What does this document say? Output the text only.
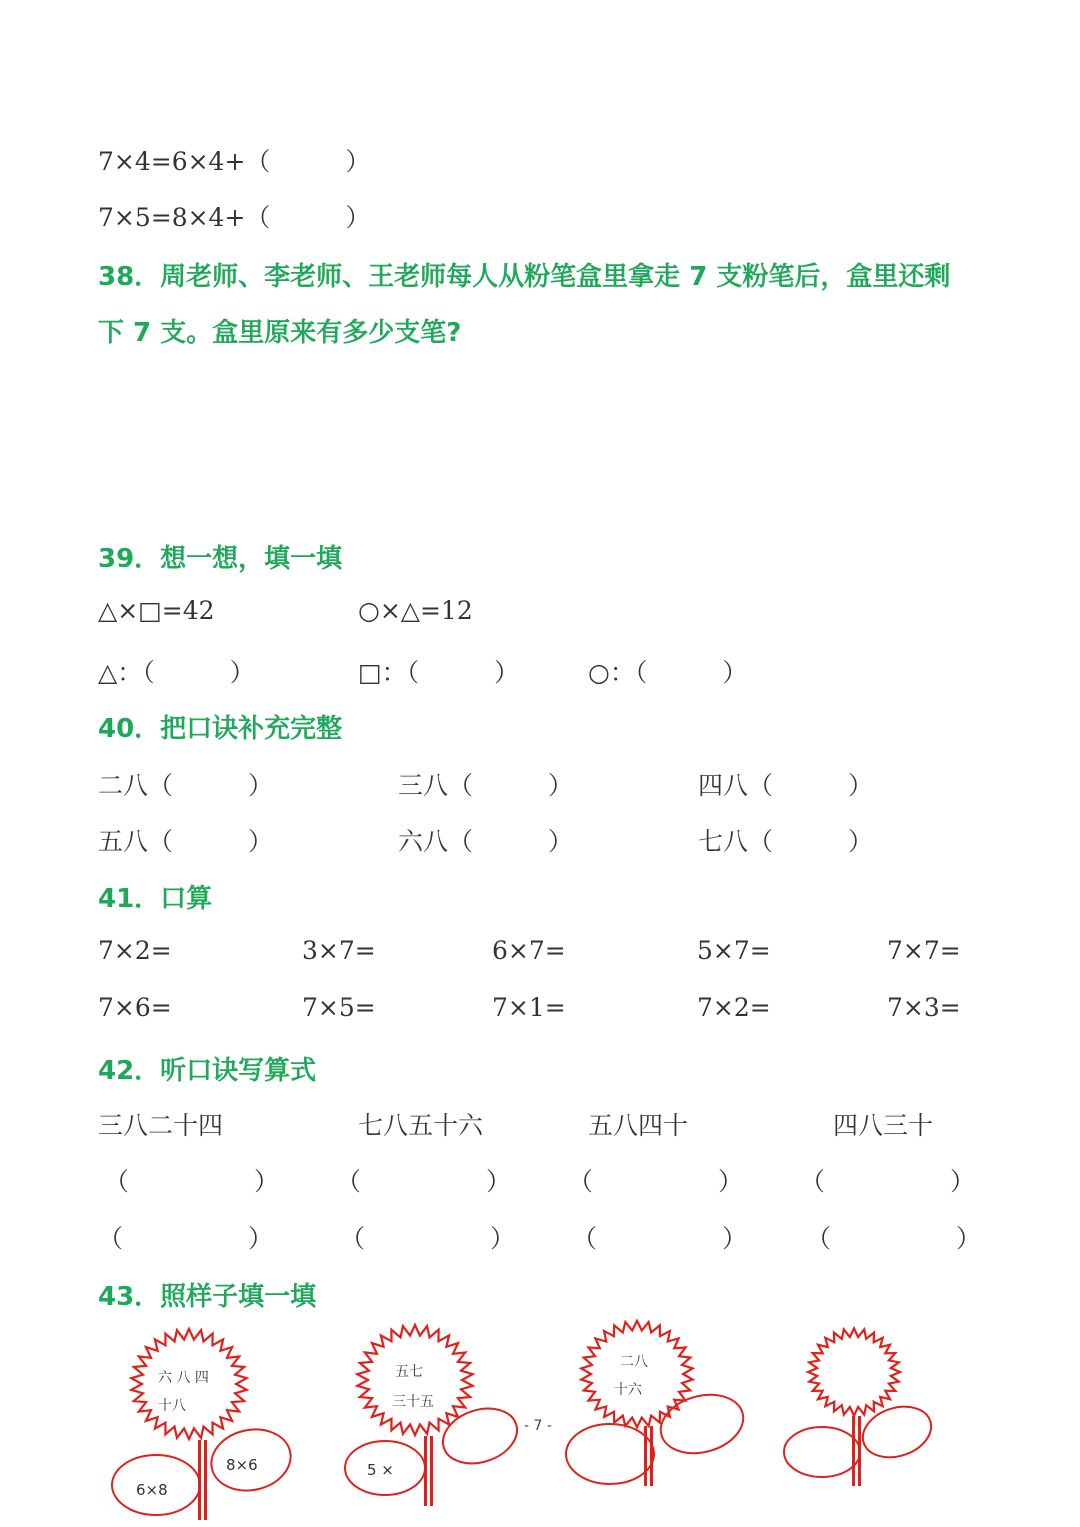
7×4=6×4+（　　　）
7×5=8×4+（　　　）
38．周老师、李老师、王老师每人从粉笔盒里拿走 7 支粉笔后，盒里还剩
下 7 支。盒里原来有多少支笔?
39．想一想，填一填
△×□=42	○×△=12
△：（　　　）	□：（　　　）	○：（　　　）
40．把口诀补充完整
二八（　　　）	三八（　　　）	四八（　　　）
五八（　　　）	六八（　　　）	七八（　　　）
41．口算
7×2=	3×7=	6×7=	5×7=	7×7=
7×6=	7×5=	7×1=	7×2=	7×3=
42．听口诀写算式
三八二十四	七八五十六	五八四十	四八三十
（　　　　　） （　　　　　） （　　　　　） （　　　　　）
（　　　　　）	（　　　　　） （　　　　　） （　　　　　）
43．照样子填一填
六 八 四
十八
6×8
8×6
五七
三十五
5 ×
二八
十六
- 7 -
